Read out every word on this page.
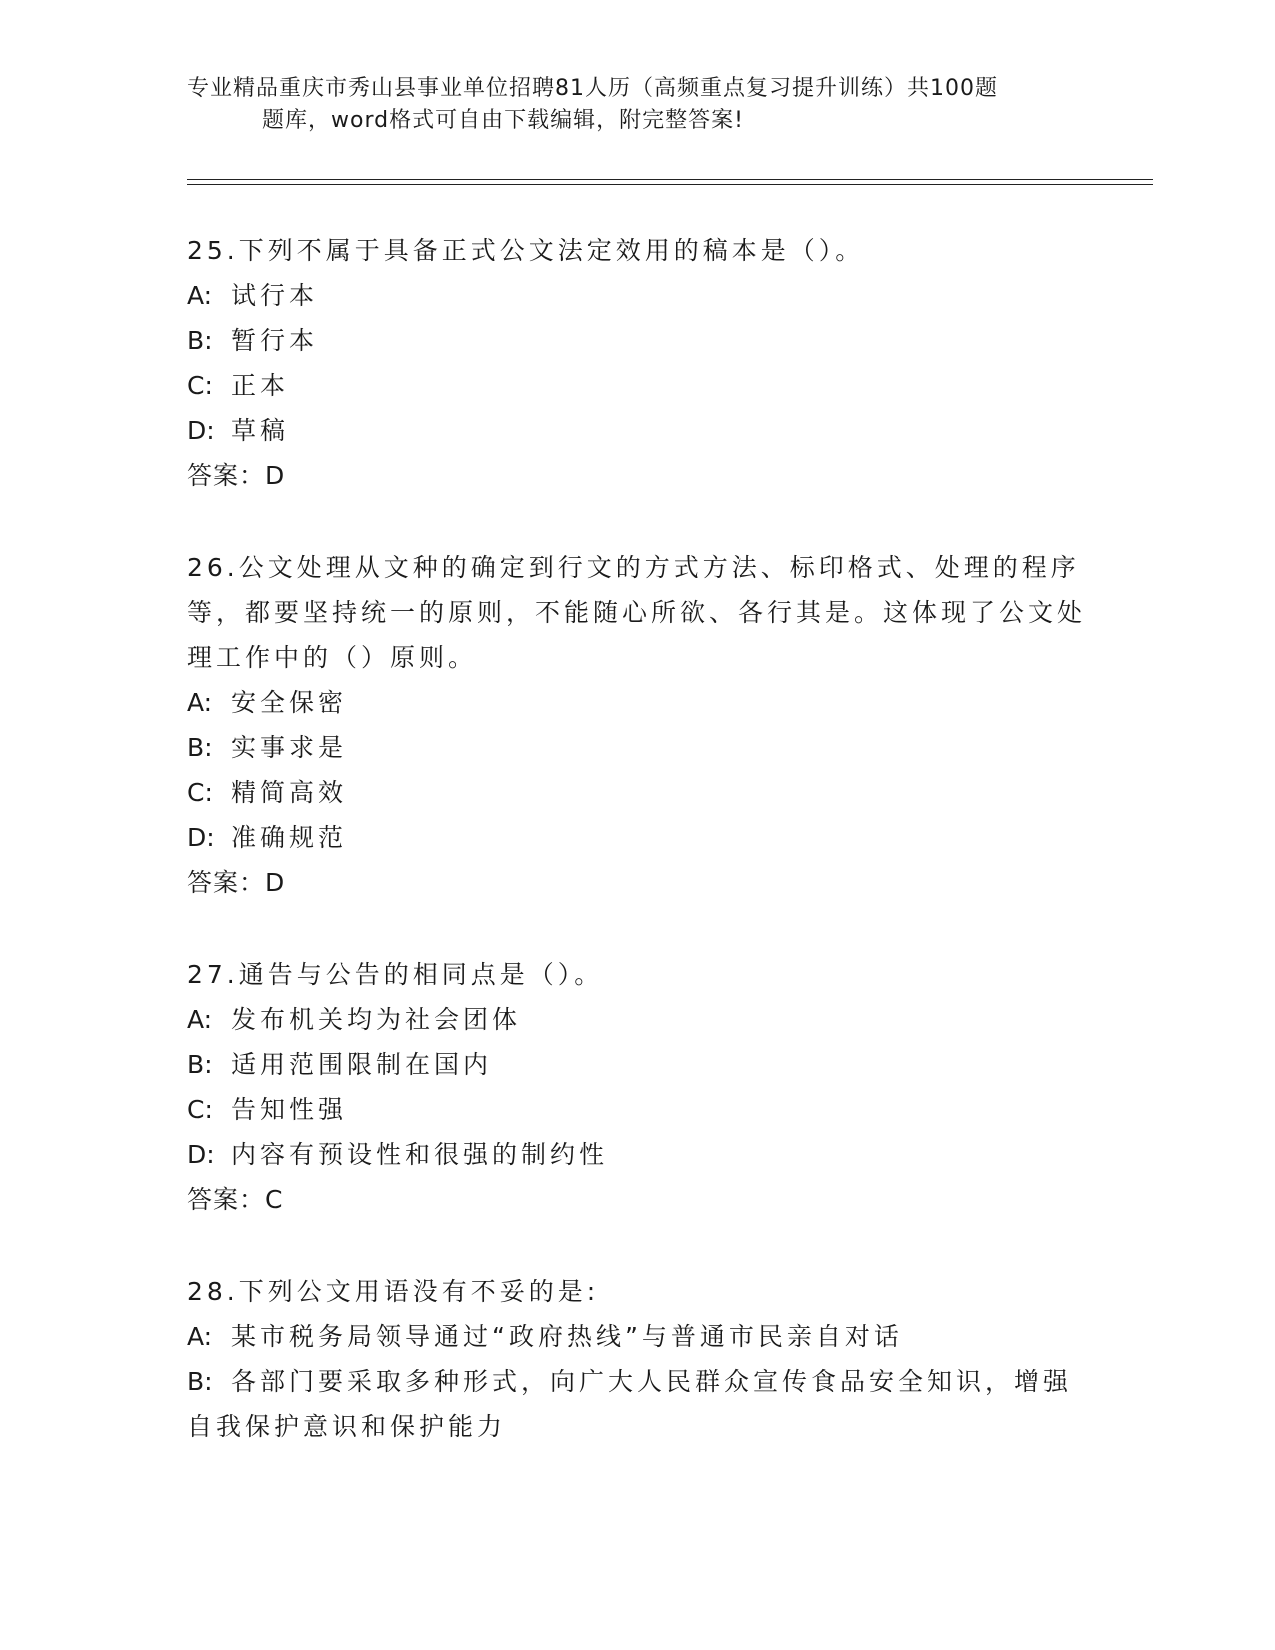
专业精品重庆市秀山县事业单位招聘81人历（高频重点复习提升训练）共100题
题库，word格式可自由下载编辑，附完整答案!

25.下列不属于具备正式公文法定效用的稿本是（）。

A: 试行本

B: 暂行本

C: 正本

D: 草稿

答案：D

26.公文处理从文种的确定到行文的方式方法、标印格式、处理的程序等，都要坚持统一的原则，不能随心所欲、各行其是。这体现了公文处理工作中的（）原则。

A: 安全保密

B: 实事求是

C: 精简高效

D: 准确规范

答案：D

27.通告与公告的相同点是（）。

A: 发布机关均为社会团体

B: 适用范围限制在国内

C: 告知性强

D: 内容有预设性和很强的制约性

答案：C

28.下列公文用语没有不妥的是:

A: 某市税务局领导通过“政府热线”与普通市民亲自对话

B: 各部门要采取多种形式，向广大人民群众宣传食品安全知识，增强自我保护意识和保护能力
